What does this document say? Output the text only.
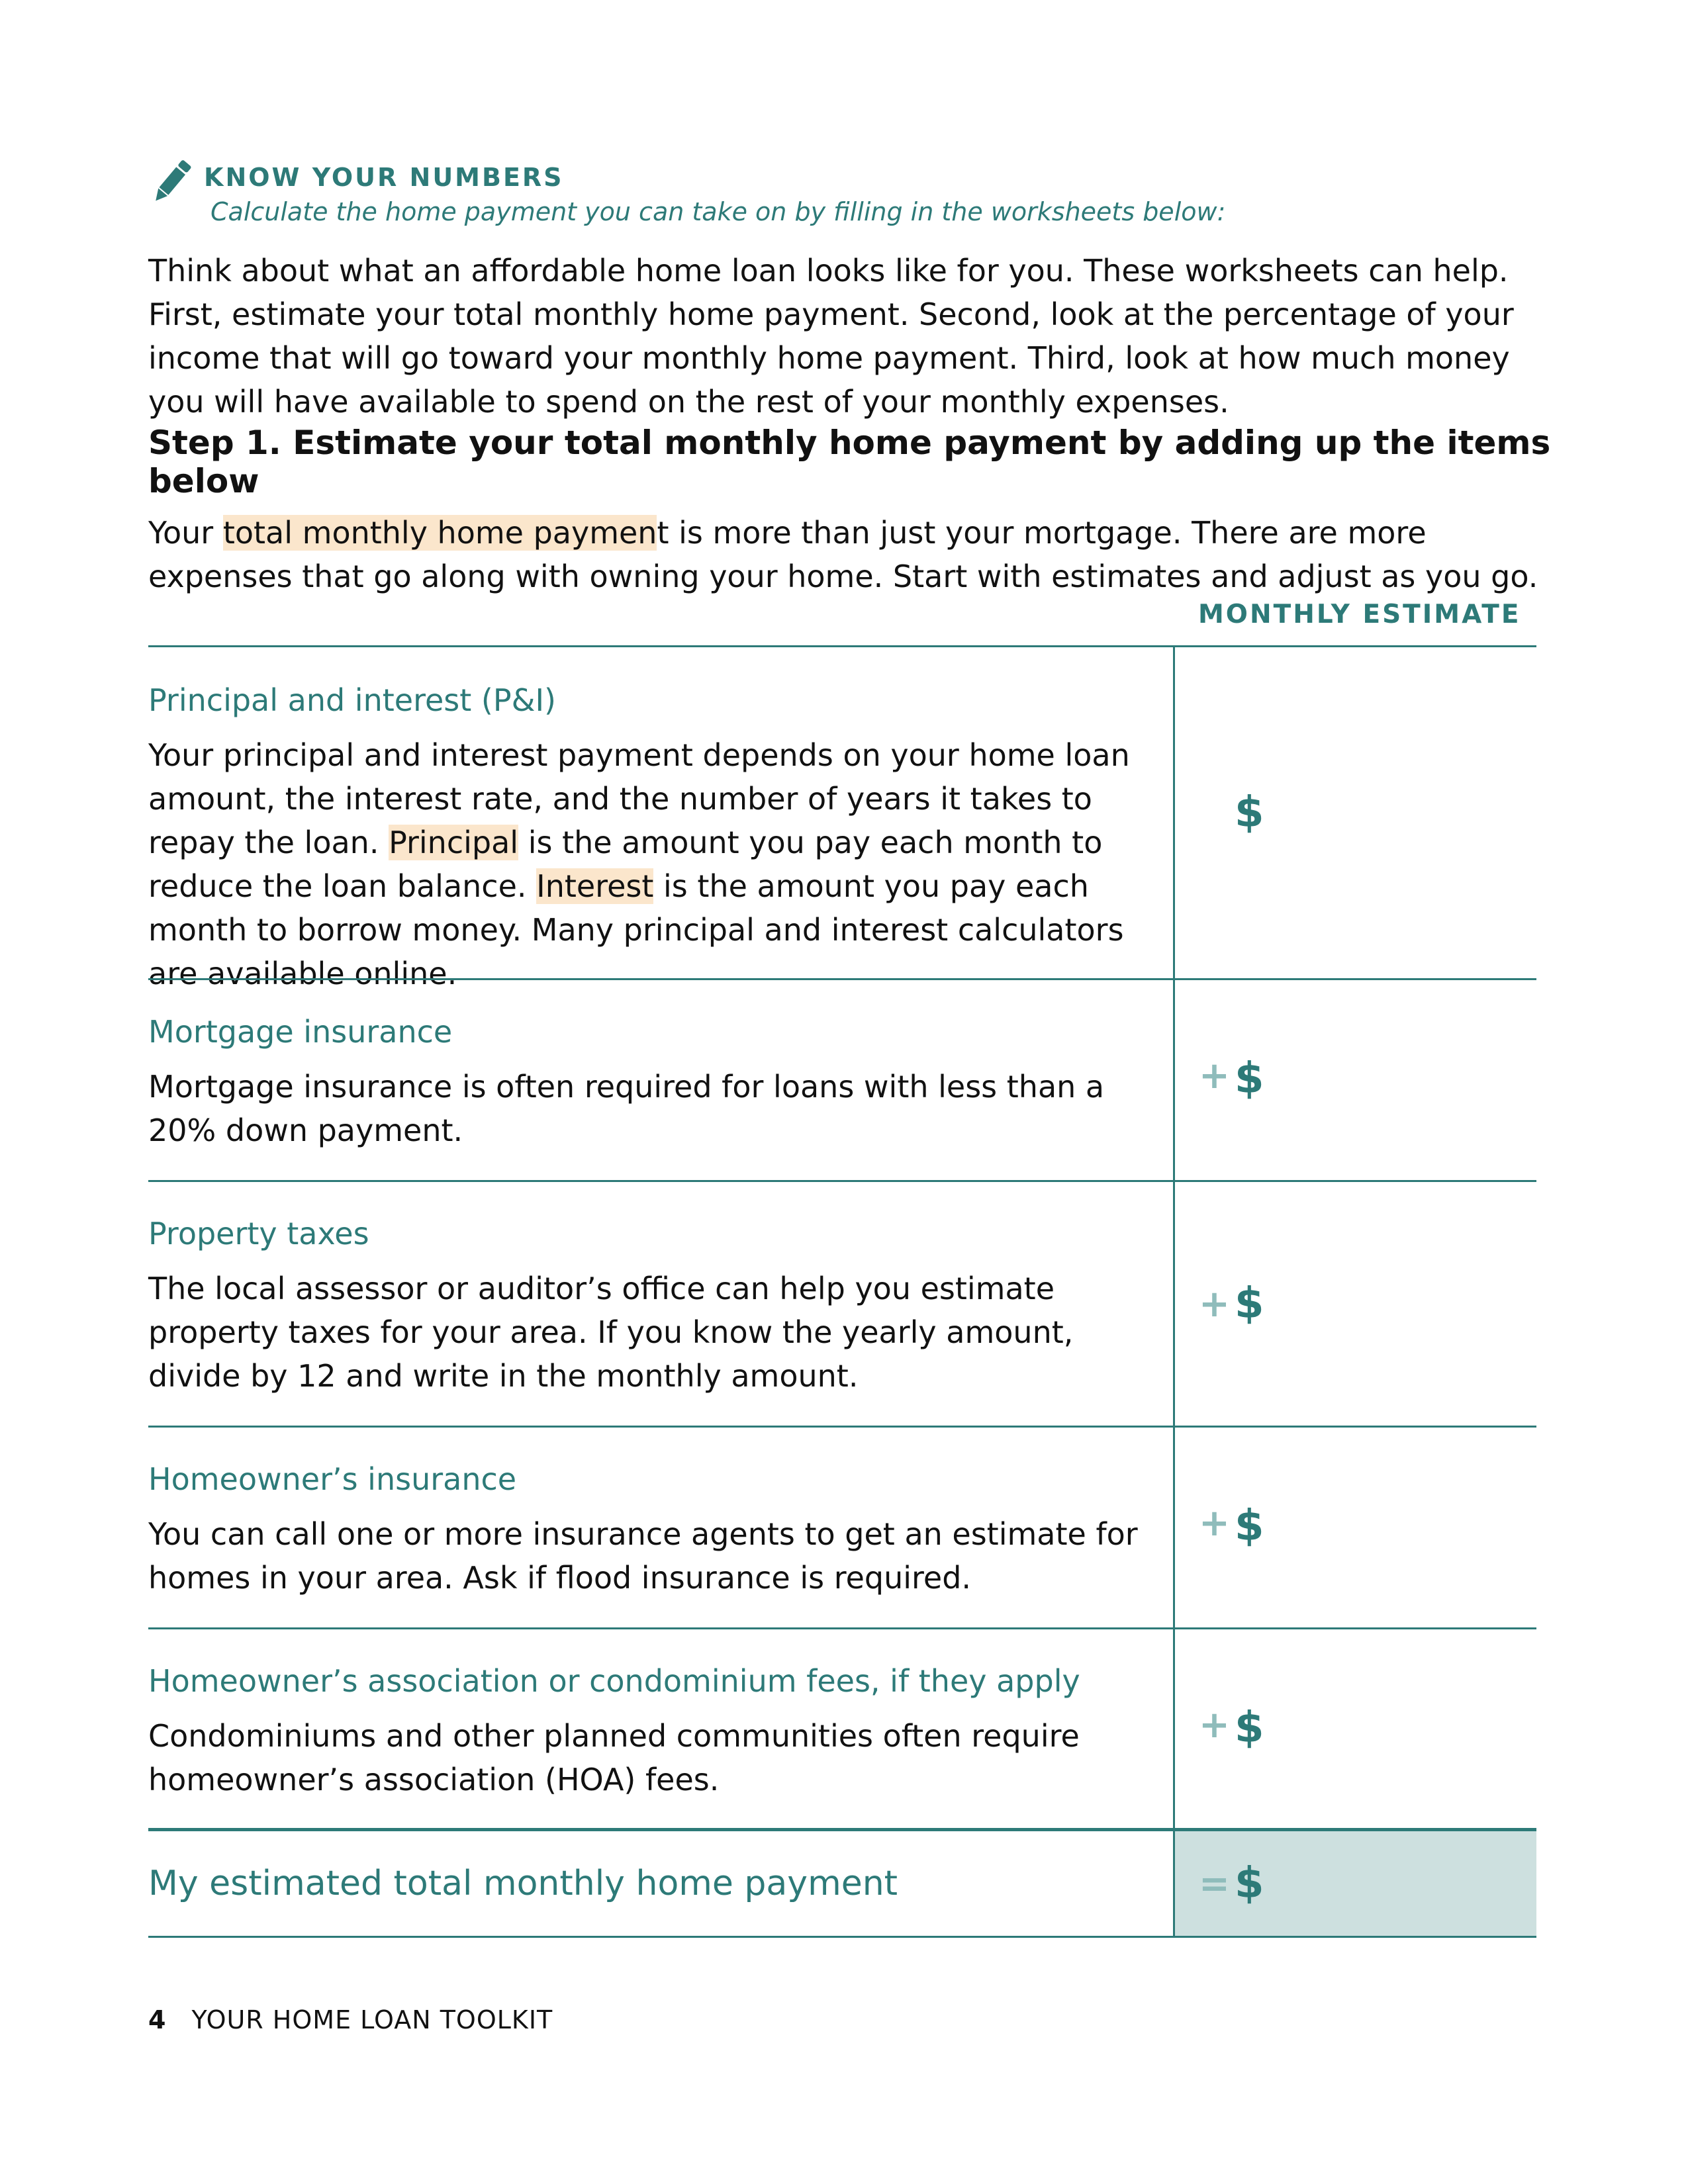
KNOW YOUR NUMBERS
Calculate the home payment you can take on by filling in the worksheets below:

Think about what an affordable home loan looks like for you. These worksheets can help. First, estimate your total monthly home payment. Second, look at the percentage of your income that will go toward your monthly home payment. Third, look at how much money you will have available to spend on the rest of your monthly expenses.

Step 1. Estimate your total monthly home payment by adding up the items below

Your total monthly home payment is more than just your mortgage. There are more expenses that go along with owning your home. Start with estimates and adjust as you go.

MONTHLY ESTIMATE

Principal and interest (P&I)

Your principal and interest payment depends on your home loan amount, the interest rate, and the number of years it takes to repay the loan. Principal is the amount you pay each month to reduce the loan balance. Interest is the amount you pay each month to borrow money. Many principal and interest calculators are available online.

$

Mortgage insurance

Mortgage insurance is often required for loans with less than a 20% down payment.

+ $

Property taxes

The local assessor or auditor’s office can help you estimate property taxes for your area. If you know the yearly amount, divide by 12 and write in the monthly amount.

+ $

Homeowner’s insurance

You can call one or more insurance agents to get an estimate for homes in your area. Ask if flood insurance is required.

+ $

Homeowner’s association or condominium fees, if they apply

Condominiums and other planned communities often require homeowner’s association (HOA) fees.

+ $

My estimated total monthly home payment	= $
4 YOUR HOME LOAN TOOLKIT
